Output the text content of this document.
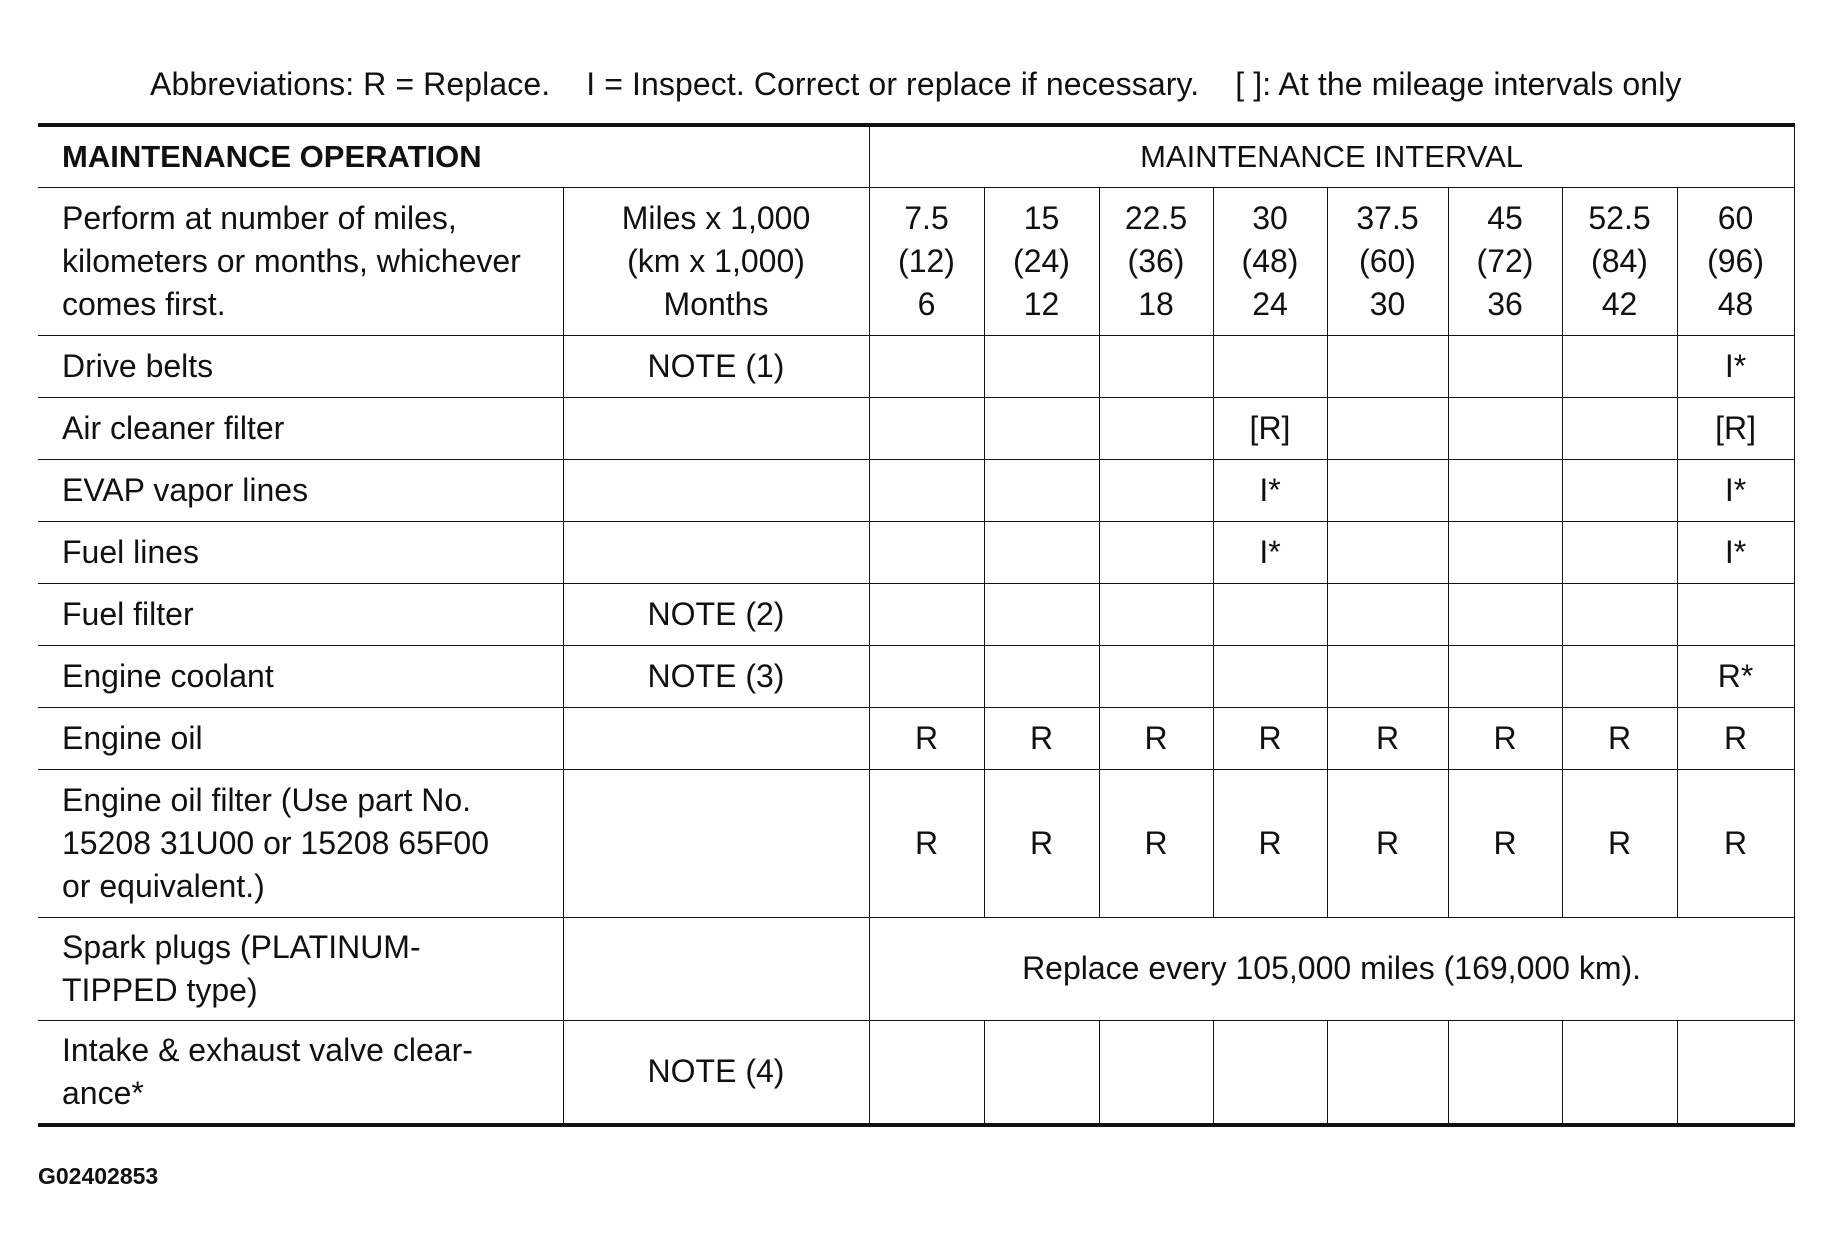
Abbreviations: R = Replace.    I = Inspect. Correct or replace if necessary.    [ ]: At the mileage intervals only
MAINTENANCE OPERATION		MAINTENANCE INTERVAL							

Perform at number of miles,
kilometers or months, whichever
comes first.	Miles x 1,000
(km x 1,000)
Months	7.5
(12)
6	15
(24)
12	22.5
(36)
18	30
(48)
24	37.5
(60)
30	45
(72)
36	52.5
(84)
42	60
(96)
48

Drive belts	NOTE (1)								I*

Air cleaner filter					[R]				[R]

EVAP vapor lines					I*				I*

Fuel lines					I*				I*

Fuel filter	NOTE (2)								

Engine coolant	NOTE (3)								R*

Engine oil		R	R	R	R	R	R	R	R

Engine oil filter (Use part No.
15208 31U00 or 15208 65F00
or equivalent.)		R	R	R	R	R	R	R	R

Spark plugs (PLATINUM-
TIPPED type)		Replace every 105,000 miles (169,000 km).							

Intake & exhaust valve clear-
ance*	NOTE (4)								
G02402853
